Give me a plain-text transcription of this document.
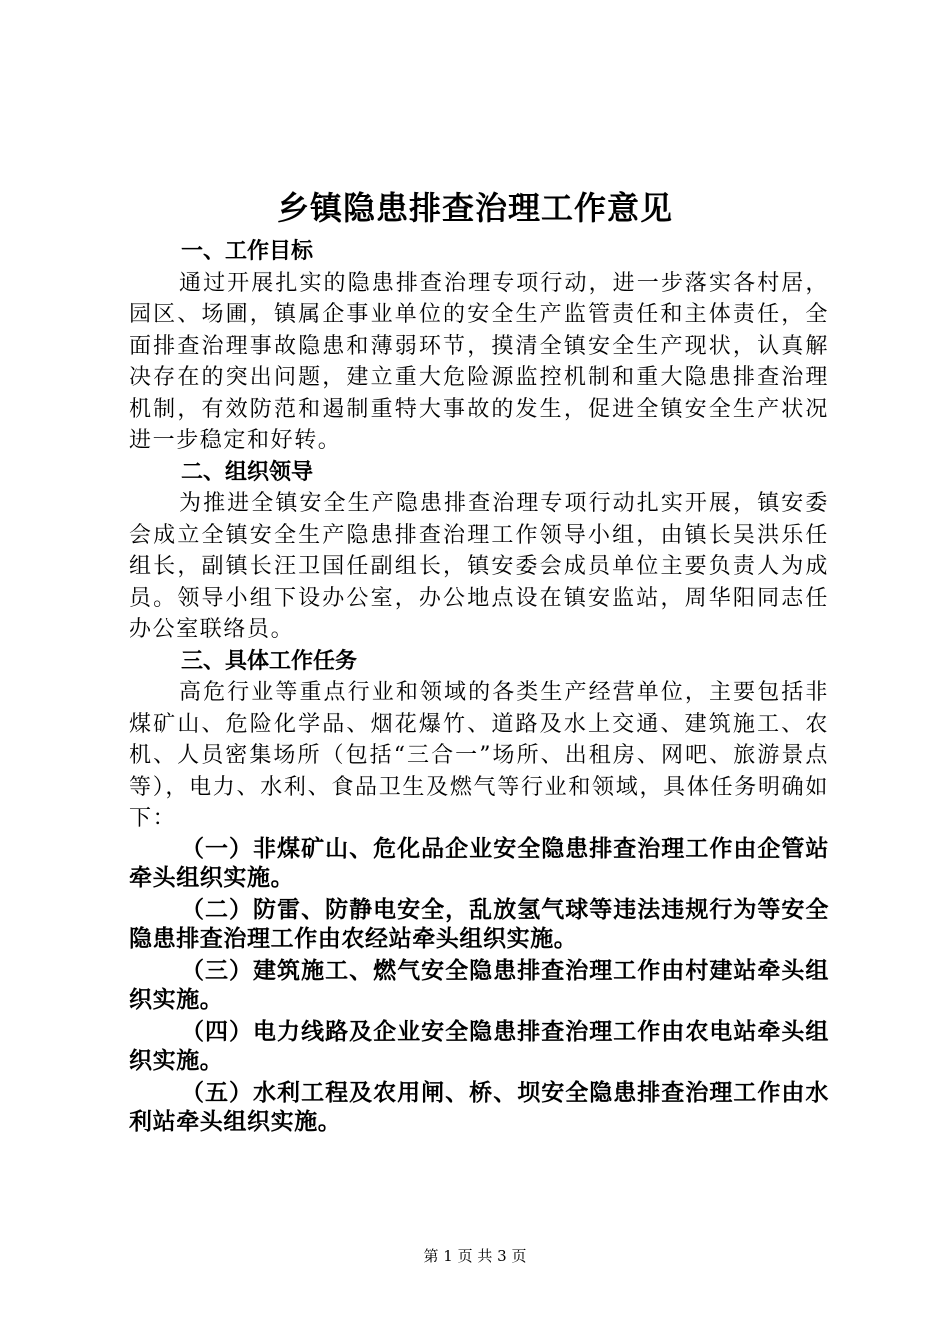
乡镇隐患排查治理工作意见

一、工作目标

通过开展扎实的隐患排查治理专项行动，进一步落实各村居，园区、场圃，镇属企事业单位的安全生产监管责任和主体责任，全面排查治理事故隐患和薄弱环节，摸清全镇安全生产现状，认真解决存在的突出问题，建立重大危险源监控机制和重大隐患排查治理机制，有效防范和遏制重特大事故的发生，促进全镇安全生产状况进一步稳定和好转。

二、组织领导

为推进全镇安全生产隐患排查治理专项行动扎实开展，镇安委会成立全镇安全生产隐患排查治理工作领导小组，由镇长吴洪乐任组长，副镇长汪卫国任副组长，镇安委会成员单位主要负责人为成员。领导小组下设办公室，办公地点设在镇安监站，周华阳同志任办公室联络员。

三、具体工作任务

高危行业等重点行业和领域的各类生产经营单位，主要包括非煤矿山、危险化学品、烟花爆竹、道路及水上交通、建筑施工、农机、人员密集场所（包括“三合一”场所、出租房、网吧、旅游景点等），电力、水利、食品卫生及燃气等行业和领域，具体任务明确如下：

（一）非煤矿山、危化品企业安全隐患排查治理工作由企管站牵头组织实施。

（二）防雷、防静电安全，乱放氢气球等违法违规行为等安全隐患排查治理工作由农经站牵头组织实施。

（三）建筑施工、燃气安全隐患排查治理工作由村建站牵头组织实施。

（四）电力线路及企业安全隐患排查治理工作由农电站牵头组织实施。

（五）水利工程及农用闸、桥、坝安全隐患排查治理工作由水利站牵头组织实施。

第 1 页 共 3 页
